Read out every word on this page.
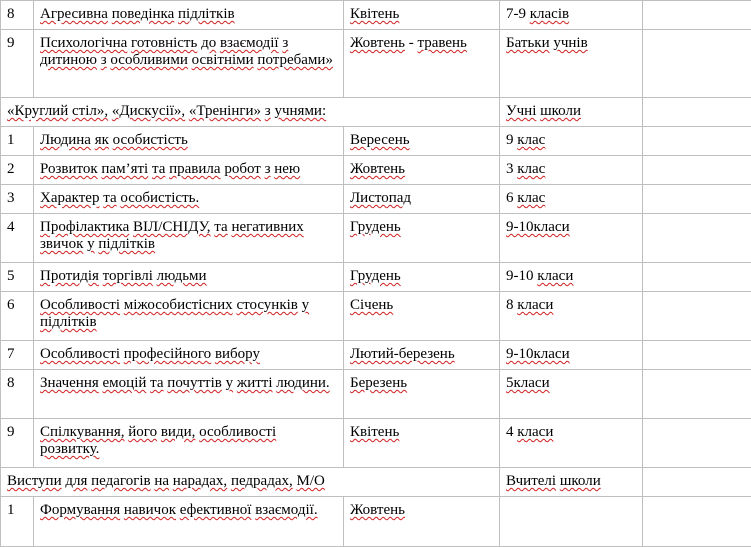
8	Агресивна поведінка підлітків	Квітень	7-9 класів	
9	Психологічна готовність до взаємодії з дитиною з особливими освітніми потребами»	Жовтень - травень	Батьки учнів	
«Круглий стіл», «Дискусії», «Тренінги» з учнями:			Учні школи	
1	Людина як особистість	Вересень	9 клас	
2	Розвиток пам’яті та правила робот з нею	Жовтень	3 клас	
3	Характер та особистість.	Листопад	6 клас	
4	Профілактика ВІЛ/СНІДУ, та негативних звичок у підлітків	Грудень	9-10класи	
5	Протидія торгівлі людьми	Грудень	9-10 класи	
6	Особливості міжособистісних стосунків у підлітків	Січень	8 класи	
7	Особливості професійного вибору	Лютий-березень	9-10класи	
8	Значення емоцій та почуттів у житті людини.	Березень	5класи	
9	Спілкування, його види, особливості розвитку.	Квітень	4 класи	
Виступи для педагогів на нарадах, педрадах, М/О			Вчителі школи	
1	Формування навичок ефективної взаємодії.	Жовтень		
